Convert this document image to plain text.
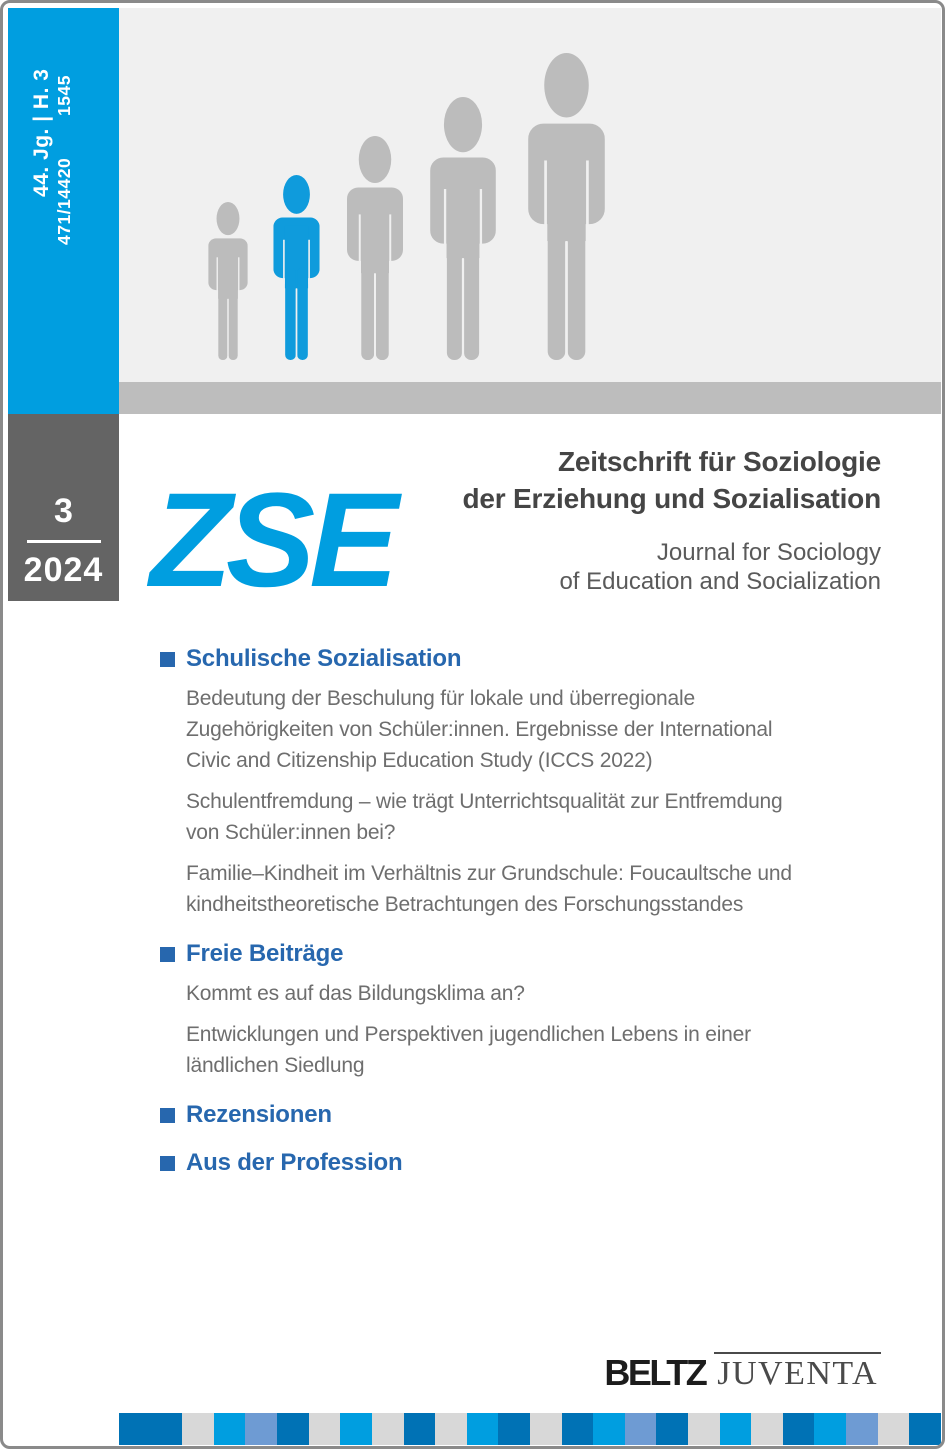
44. Jg. | H. 3
471/14420 1545
3
2024 ZSE
Zeitschrift für Soziologie
der Erziehung und Sozialisation
Journal for Sociology
of Education and Socialization
Schulische Sozialisation

Bedeutung der Beschulung für lokale und überregionale
Zugehörigkeiten von Schüler:innen. Ergebnisse der International
Civic and Citizenship Education Study (ICCS 2022)

Schulentfremdung – wie trägt Unterrichtsqualität zur Entfremdung
von Schüler:innen bei?

Familie–Kindheit im Verhältnis zur Grundschule: Foucaultsche und
kindheitstheoretische Betrachtungen des Forschungsstandes

Freie Beiträge

Kommt es auf das Bildungsklima an?

Entwicklungen und Perspektiven jugendlichen Lebens in einer
ländlichen Siedlung

Rezensionen
Aus der Profession
BELTZ JUVENTA
